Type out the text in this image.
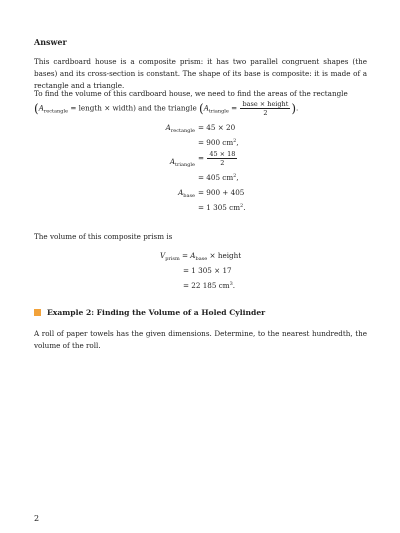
Answer
This cardboard house is a composite prism: it has two parallel congruent shapes (the bases) and its cross-section is constant. The shape of its base is composite: it is made of a rectangle and a triangle.
To find the volume of this cardboard house, we need to find the areas of the rectangle
($A_{rectangle}$ = length × width) and the triangle ($A_{triangle} = \frac{\text{base × height}}{2}$ ).
$A_{rectangle} = 45 \times 20$
= 900 $cm^2$,
$A_{triangle}$
= $\frac{45 \times 18}{2}$
= 405 $cm^2$,
$A_{base} = 900 + 405$
= 1 305 $cm^2$.
The volume of this composite prism is
$V_{prism} = A_{base}$ × height
= 1 305 × 17
= 22 185 $cm^3$.
Example 2: Finding the Volume of a Holed Cylinder
A roll of paper towels has the given dimensions. Determine, to the nearest hundredth, the volume of the roll.
2
